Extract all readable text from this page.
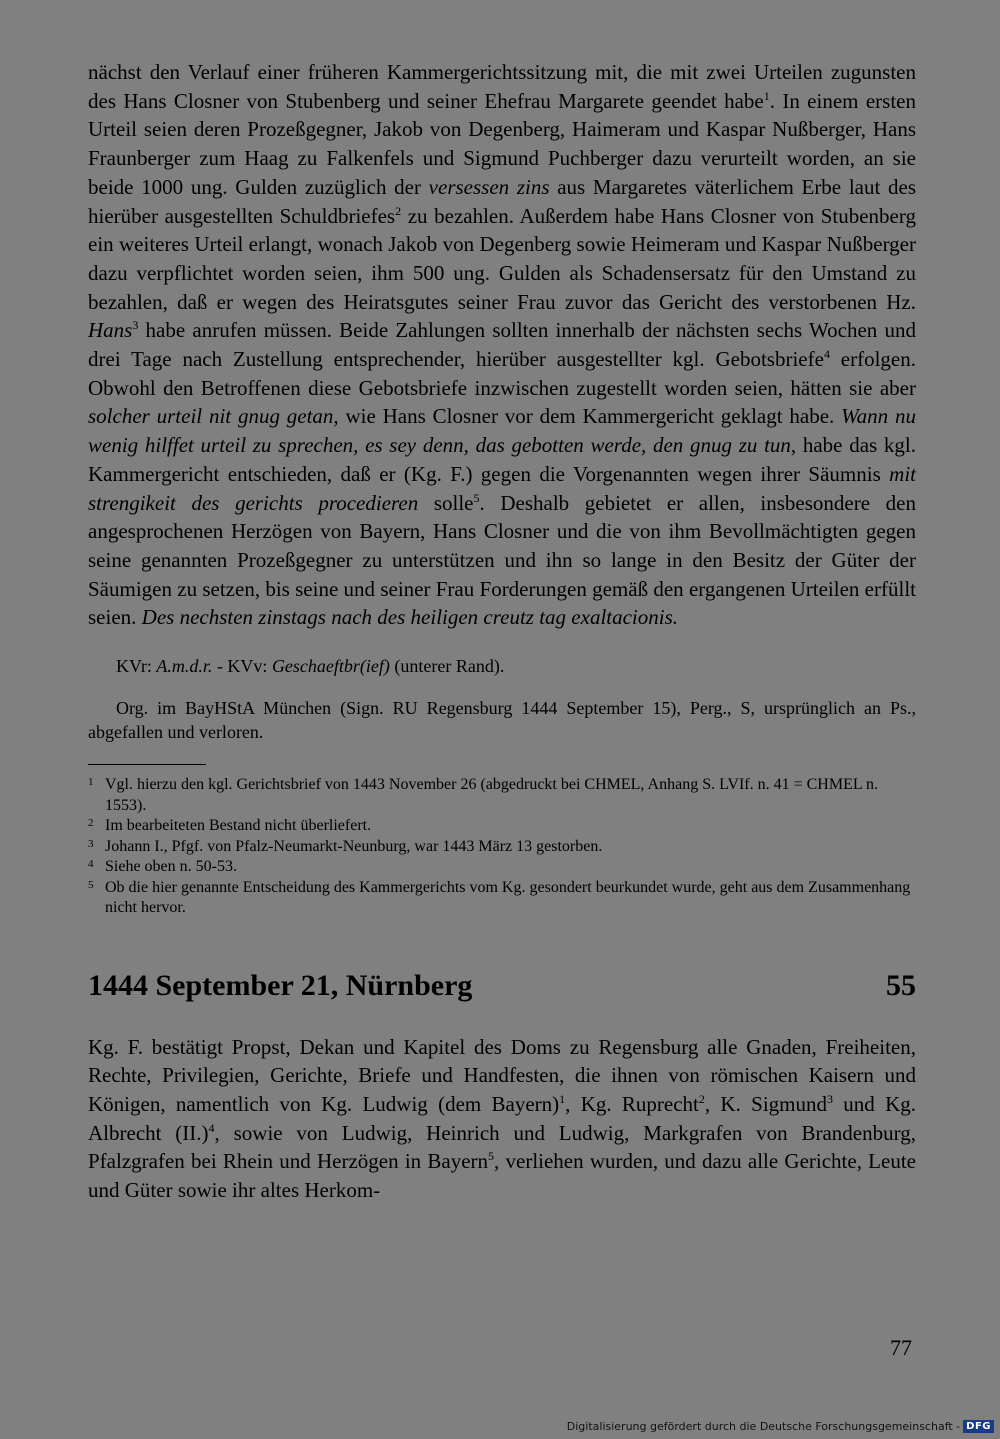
nächst den Verlauf einer früheren Kammergerichtssitzung mit, die mit zwei Urteilen zugunsten des Hans Closner von Stubenberg und seiner Ehefrau Margarete geendet habe$^1$. In einem ersten Urteil seien deren Prozeßgegner, Jakob von Degenberg, Haimeram und Kaspar Nußberger, Hans Fraunberger zum Haag zu Falkenfels und Sigmund Puchberger dazu verurteilt worden, an sie beide 1000 ung. Gulden zuzüglich der versessen zins aus Margaretes väterlichem Erbe laut des hierüber ausgestellten Schuldbriefes$^2$ zu bezahlen. Außerdem habe Hans Closner von Stubenberg ein weiteres Urteil erlangt, wonach Jakob von Degenberg sowie Heimeram und Kaspar Nußberger dazu verpflichtet worden seien, ihm 500 ung. Gulden als Schadensersatz für den Umstand zu bezahlen, daß er wegen des Heiratsgutes seiner Frau zuvor das Gericht des verstorbenen Hz. Hans$^3$ habe anrufen müssen. Beide Zahlungen sollten innerhalb der nächsten sechs Wochen und drei Tage nach Zustellung entsprechender, hierüber ausgestellter kgl. Gebotsbriefe$^4$ erfolgen. Obwohl den Betroffenen diese Gebotsbriefe inzwischen zugestellt worden seien, hätten sie aber solcher urteil nit gnug getan, wie Hans Closner vor dem Kammergericht geklagt habe. Wann nu wenig hilffet urteil zu sprechen, es sey denn, das gebotten werde, den gnug zu tun, habe das kgl. Kammergericht entschieden, daß er (Kg. F.) gegen die Vorgenannten wegen ihrer Säumnis mit strengikeit des gerichts procedieren solle$^5$. Deshalb gebietet er allen, insbesondere den angesprochenen Herzögen von Bayern, Hans Closner und die von ihm Bevollmächtigten gegen seine genannten Prozeßgegner zu unterstützen und ihn so lange in den Besitz der Güter der Säumigen zu setzen, bis seine und seiner Frau Forderungen gemäß den ergangenen Urteilen erfüllt seien. Des nechsten zinstags nach des heiligen creutz tag exaltacionis.

KVr: A.m.d.r. - KVv: Geschaeftbr(ief) (unterer Rand).

Org. im BayHStA München (Sign. RU Regensburg 1444 September 15), Perg., S, ursprünglich an Ps., abgefallen und verloren.

1 Vgl. hierzu den kgl. Gerichtsbrief von 1443 November 26 (abgedruckt bei CHMEL, Anhang S. LVIf. n. 41 = CHMEL n. 1553).

2 Im bearbeiteten Bestand nicht überliefert.

3 Johann I., Pfgf. von Pfalz-Neumarkt-Neunburg, war 1443 März 13 gestorben.

4 Siehe oben n. 50-53.

5 Ob die hier genannte Entscheidung des Kammergerichts vom Kg. gesondert beurkundet wurde, geht aus dem Zusammenhang nicht hervor.

1444 September 21, Nürnberg	55

Kg. F. bestätigt Propst, Dekan und Kapitel des Doms zu Regensburg alle Gnaden, Freiheiten, Rechte, Privilegien, Gerichte, Briefe und Handfesten, die ihnen von römischen Kaisern und Königen, namentlich von Kg. Ludwig (dem Bayern)$^1$, Kg. Ruprecht$^2$, K. Sigmund$^3$ und Kg. Albrecht $(II.)^4$, sowie von Ludwig, Heinrich und Ludwig, Markgrafen von Brandenburg, Pfalzgrafen bei Rhein und Herzögen in Bayern$^5$, verliehen wurden, und dazu alle Gerichte, Leute und Güter sowie ihr altes Herkom-

77
Digitalisierung gefördert durch die Deutsche Forschungsgemeinschaft - DFG
